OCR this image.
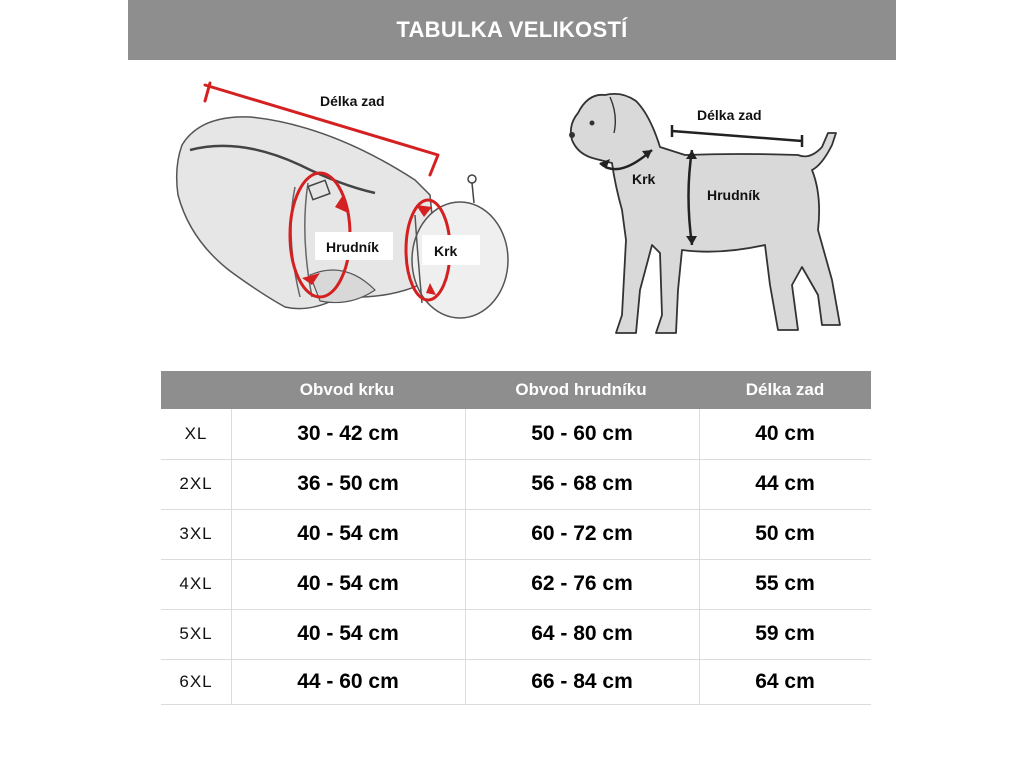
TABULKA VELIKOSTÍ
Délka zad
Hrudník	Krk
Délka zad
Krk
Hrudník
Obvod krku	Obvod hrudníku	Délka zad
XL	30 - 42 cm	50 - 60 cm	40 cm
2XL	36 - 50 cm	56 - 68 cm	44 cm
3XL	40 - 54 cm	60 - 72 cm	50 cm
4XL	40 - 54 cm	62 - 76 cm	55 cm
5XL	40 - 54 cm	64 - 80 cm	59 cm
6XL	44 - 60 cm	66 - 84 cm	64 cm
